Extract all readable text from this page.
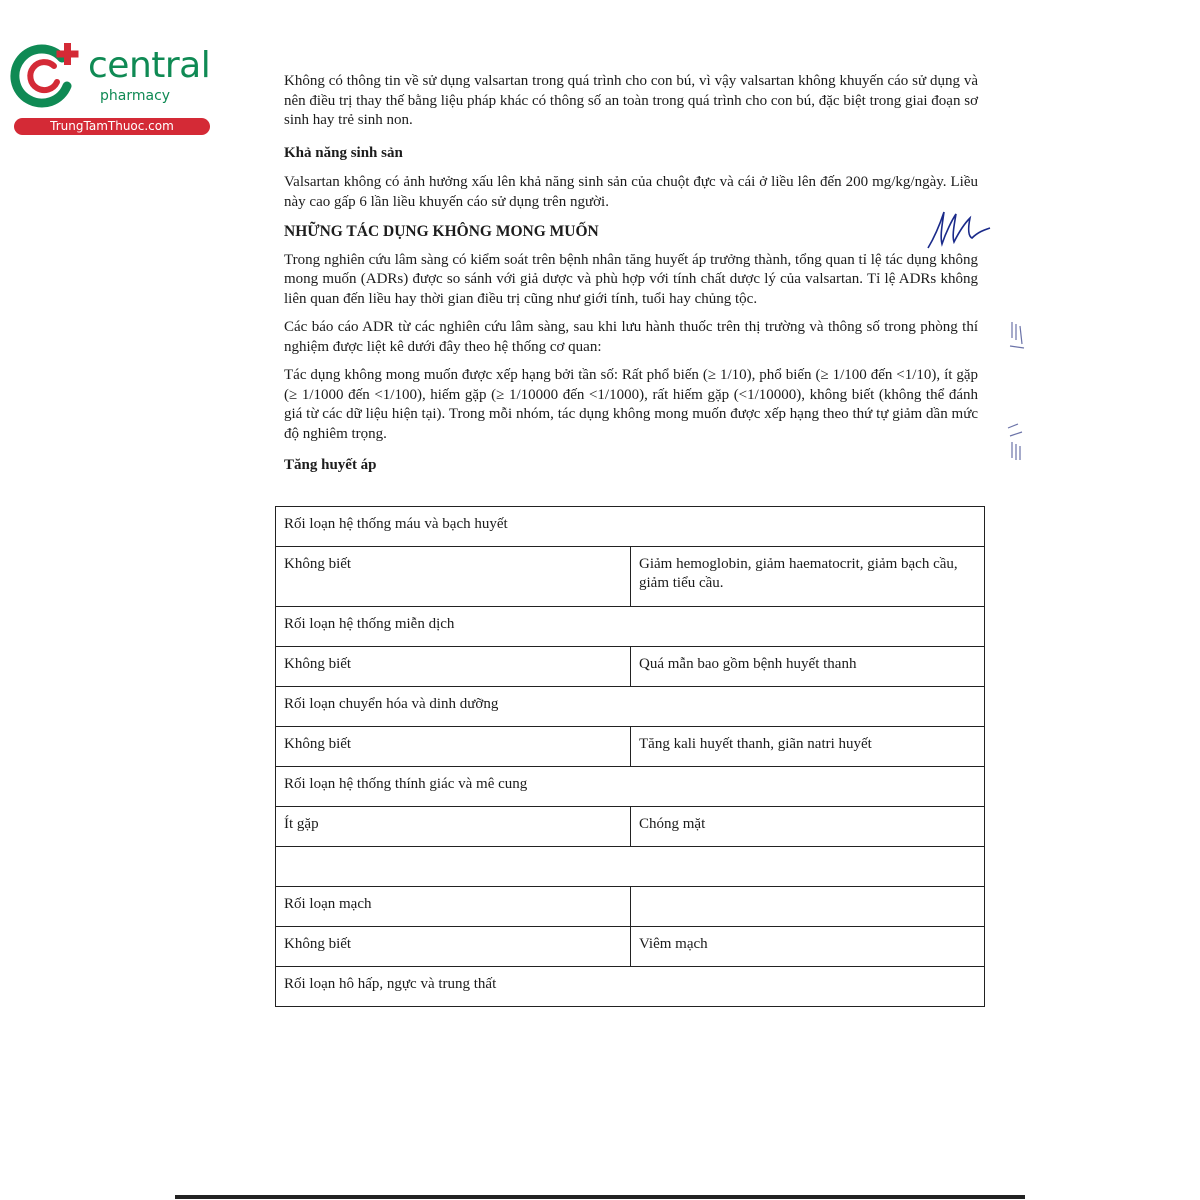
central
pharmacy
TrungTamThuoc.com

Không có thông tin về sử dụng valsartan trong quá trình cho con bú, vì vậy valsartan không khuyến cáo sử dụng và nên điều trị thay thế bằng liệu pháp khác có thông số an toàn trong quá trình cho con bú, đặc biệt trong giai đoạn sơ sinh hay trẻ sinh non.

Khả năng sinh sản

Valsartan không có ảnh hưởng xấu lên khả năng sinh sản của chuột đực và cái ở liều lên đến 200 mg/kg/ngày. Liều này cao gấp 6 lần liều khuyến cáo sử dụng trên người.

NHỮNG TÁC DỤNG KHÔNG MONG MUỐN

Trong nghiên cứu lâm sàng có kiểm soát trên bệnh nhân tăng huyết áp trưởng thành, tổng quan tỉ lệ tác dụng không mong muốn (ADRs) được so sánh với giả dược và phù hợp với tính chất dược lý của valsartan. Tỉ lệ ADRs không liên quan đến liều hay thời gian điều trị cũng như giới tính, tuổi hay chủng tộc.

Các báo cáo ADR từ các nghiên cứu lâm sàng, sau khi lưu hành thuốc trên thị trường và thông số trong phòng thí nghiệm được liệt kê dưới đây theo hệ thống cơ quan:

Tác dụng không mong muốn được xếp hạng bởi tần số: Rất phổ biến (≥ 1/10), phổ biến (≥ 1/100 đến <1/10), ít gặp (≥ 1/1000 đến <1/100), hiếm gặp (≥ 1/10000 đến <1/1000), rất hiếm gặp (<1/10000), không biết (không thể đánh giá từ các dữ liệu hiện tại). Trong mỗi nhóm, tác dụng không mong muốn được xếp hạng theo thứ tự giảm dần mức độ nghiêm trọng.

Tăng huyết áp

Rối loạn hệ thống máu và bạch huyết	
Không biết	Giảm hemoglobin, giảm haematocrit, giảm bạch cầu, giảm tiểu cầu.
Rối loạn hệ thống miễn dịch	
Không biết	Quá mẫn bao gồm bệnh huyết thanh
Rối loạn chuyển hóa và dinh dưỡng	
Không biết	Tăng kali huyết thanh, giãn natri huyết
Rối loạn hệ thống thính giác và mê cung	
Ít gặp	Chóng mặt

Rối loạn mạch	
Không biết	Viêm mạch
Rối loạn hô hấp, ngực và trung thất	
